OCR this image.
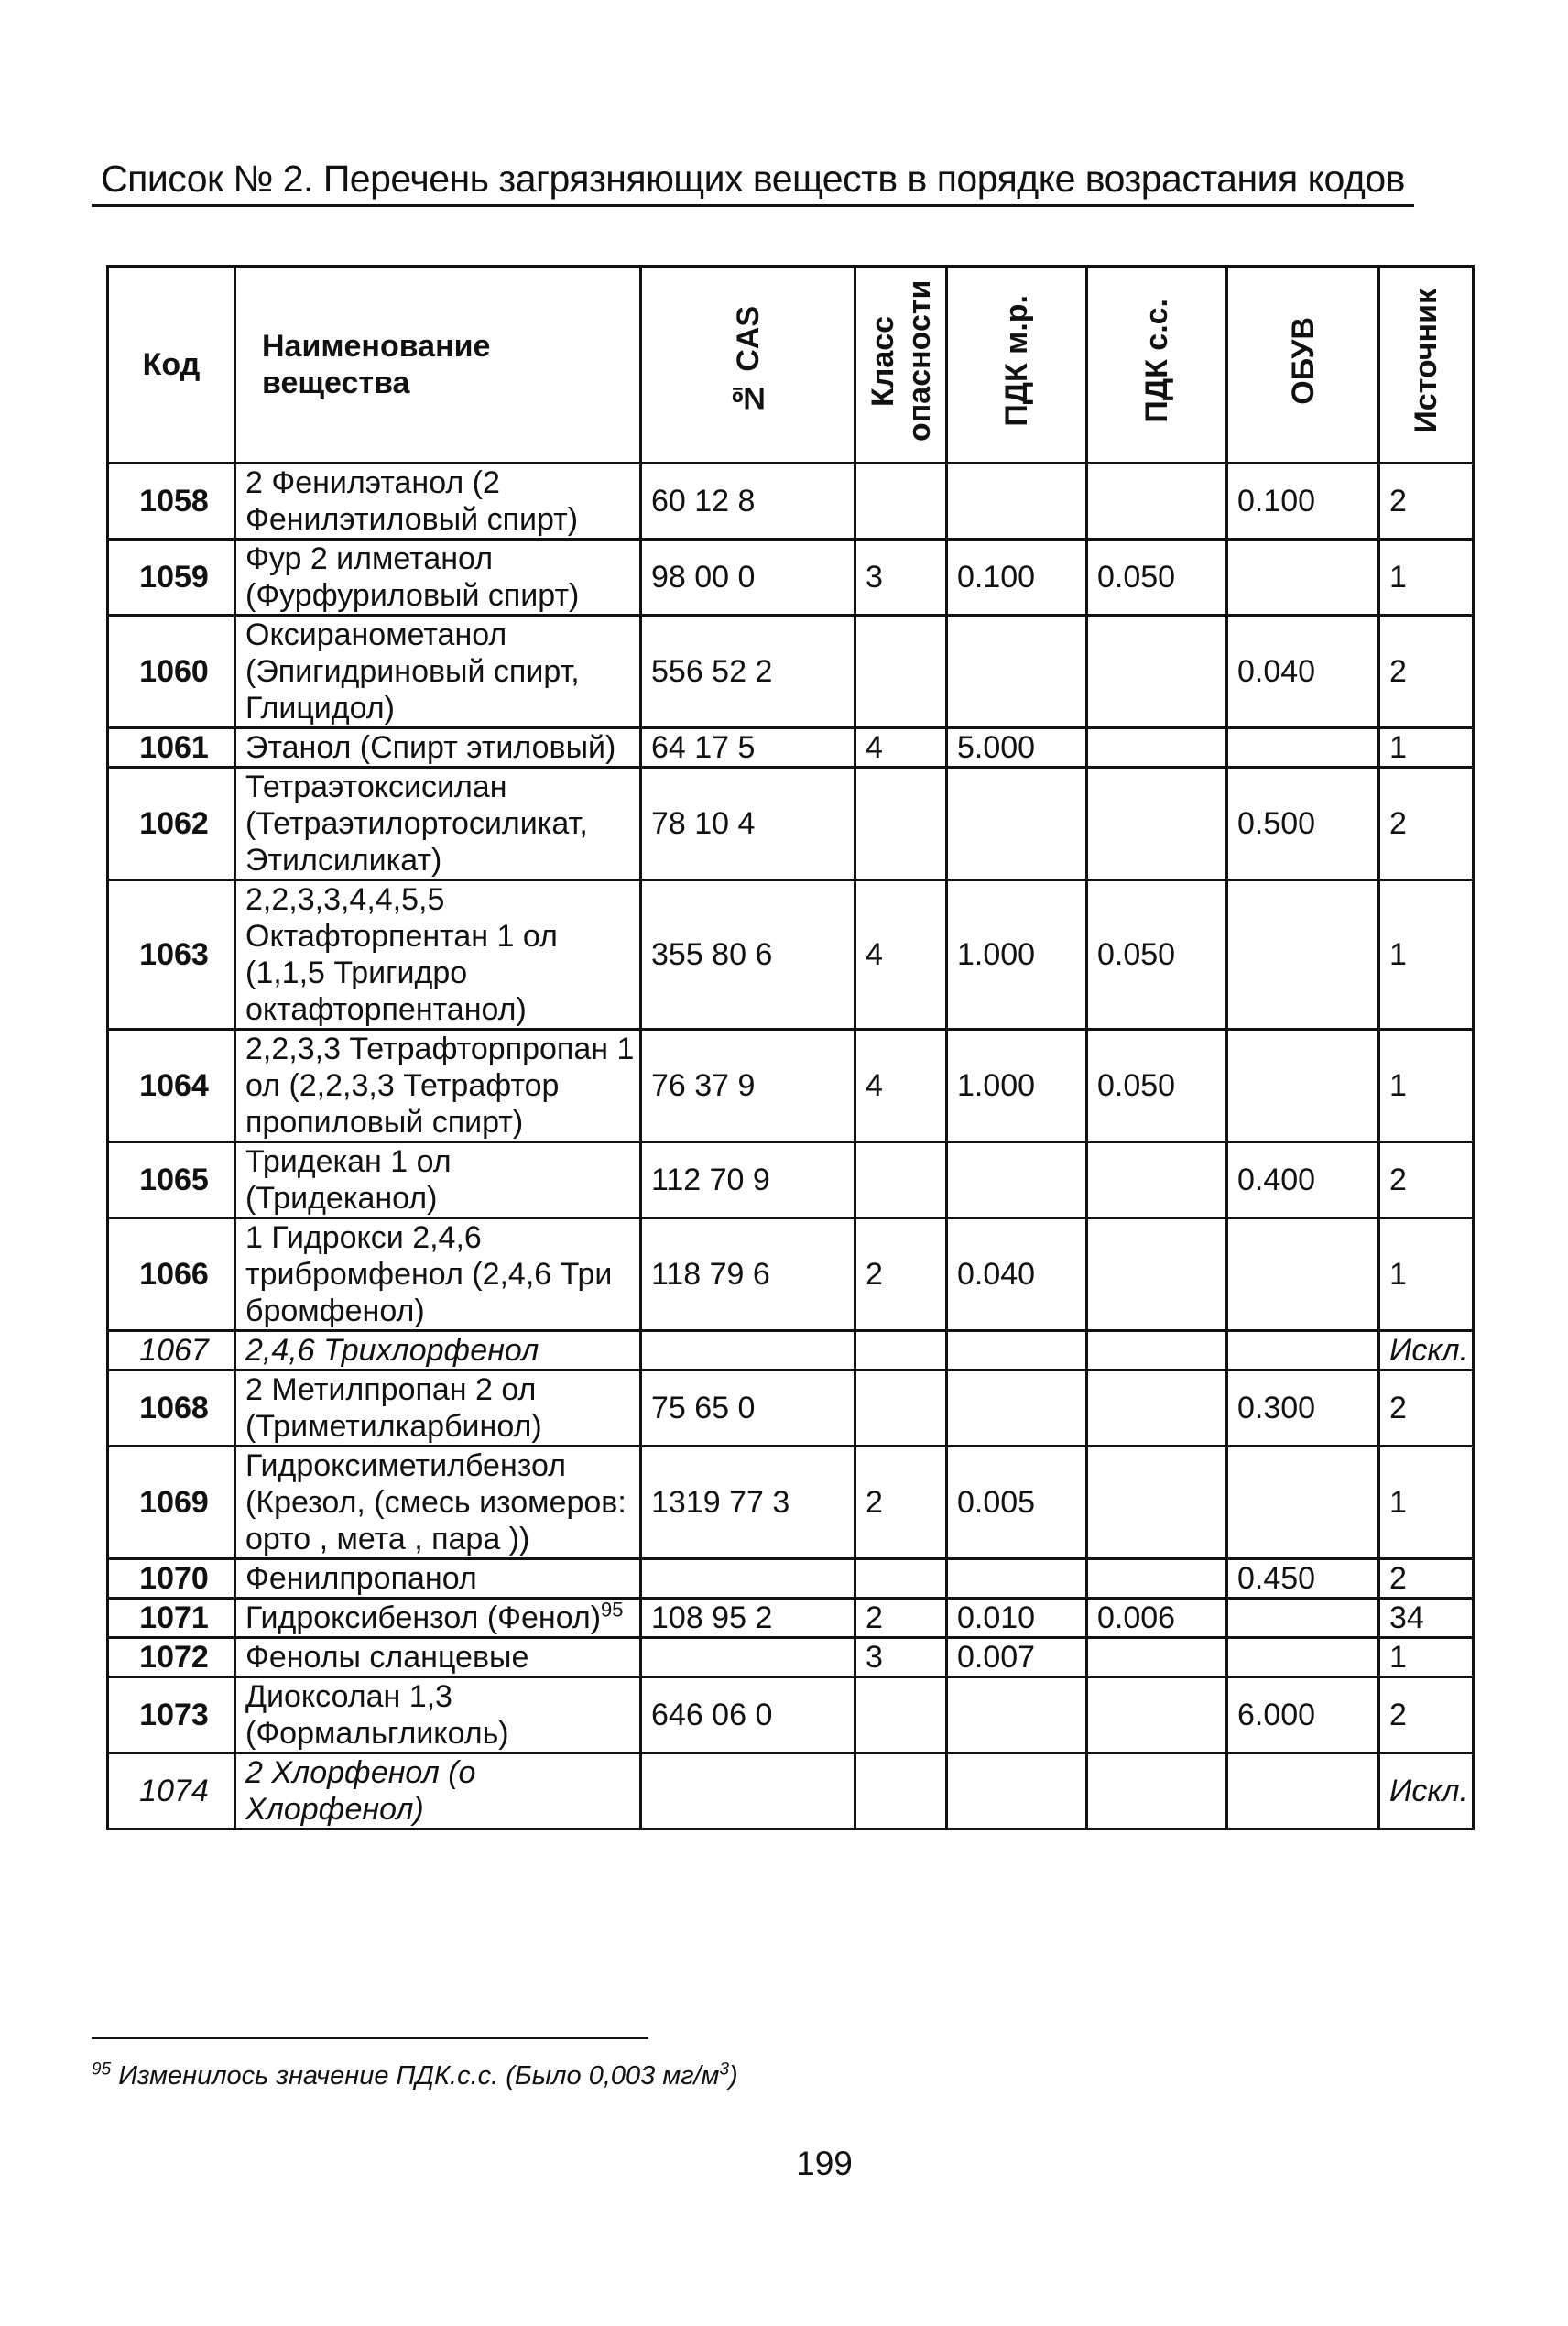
Список № 2. Перечень загрязняющих веществ в порядке возрастания кодов
Код	Наименование вещества	№ CAS	Класс опасности	ПДК м.р.	ПДК с.с.	ОБУВ	Источник
1058	2 Фенилэтанол (2 Фенилэтиловый спирт)	60 12 8				0.100	2
1059	Фур 2 илметанол (Фурфуриловый спирт)	98 00 0	3	0.100	0.050		1
1060	Оксиранометанол (Эпигидриновый спирт, Глицидол)	556 52 2				0.040	2
1061	Этанол (Спирт этиловый)	64 17 5	4	5.000			1
1062	Тетраэтоксисилан (Тетраэтилортосиликат, Этилсиликат)	78 10 4				0.500	2
1063	2,2,3,3,4,4,5,5 Октафторпентан 1 ол (1,1,5 Тригидро октафторпентанол)	355 80 6	4	1.000	0.050		1
1064	2,2,3,3 Тетрафторпропан 1 ол (2,2,3,3 Тетрафтор пропиловый спирт)	76 37 9	4	1.000	0.050		1
1065	Тридекан 1 ол (Тридеканол)	112 70 9				0.400	2
1066	1 Гидрокси 2,4,6 трибромфенол (2,4,6 Три бромфенол)	118 79 6	2	0.040			1
1067	2,4,6 Трихлорфенол						Искл.
1068	2 Метилпропан 2 ол (Триметилкарбинол)	75 65 0				0.300	2
1069	Гидроксиметилбензол (Крезол, (смесь изомеров: орто , мета , пара ))	1319 77 3	2	0.005			1
1070	Фенилпропанол					0.450	2
1071	Гидроксибензол (Фенол)$^{95}$	108 95 2	2	0.010	0.006		34
1072	Фенолы сланцевые		3	0.007			1
1073	Диоксолан 1,3 (Формальгликоль)	646 06 0				6.000	2
1074	2 Хлорфенол (о Хлорфенол)						Искл.
$^{95}$ Изменилось значение ПДК.с.с. (Было 0,003 $мг/м^3$)
199
